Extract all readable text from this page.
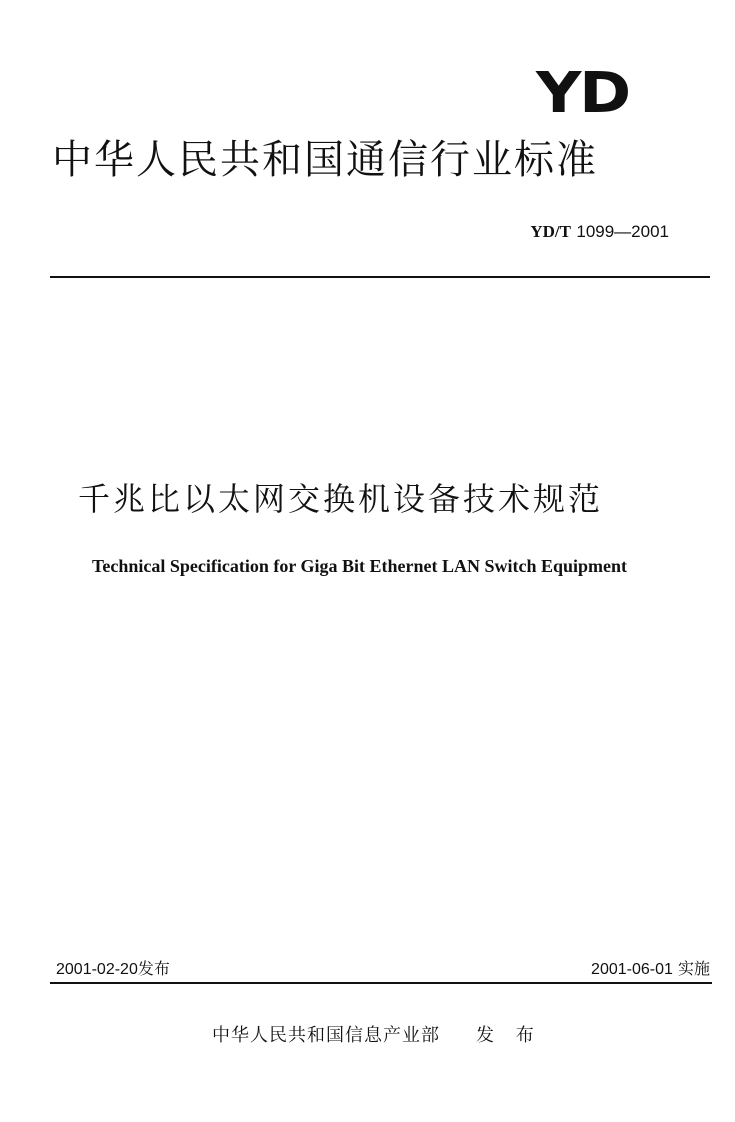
YD
中华人民共和国通信行业标准
YD/T 1099—2001
千兆比以太网交换机设备技术规范
Technical Specification for Giga Bit Ethernet LAN Switch Equipment
2001-02-20发布	2001-06-01 实施
中华人民共和国信息产业部 发 布
